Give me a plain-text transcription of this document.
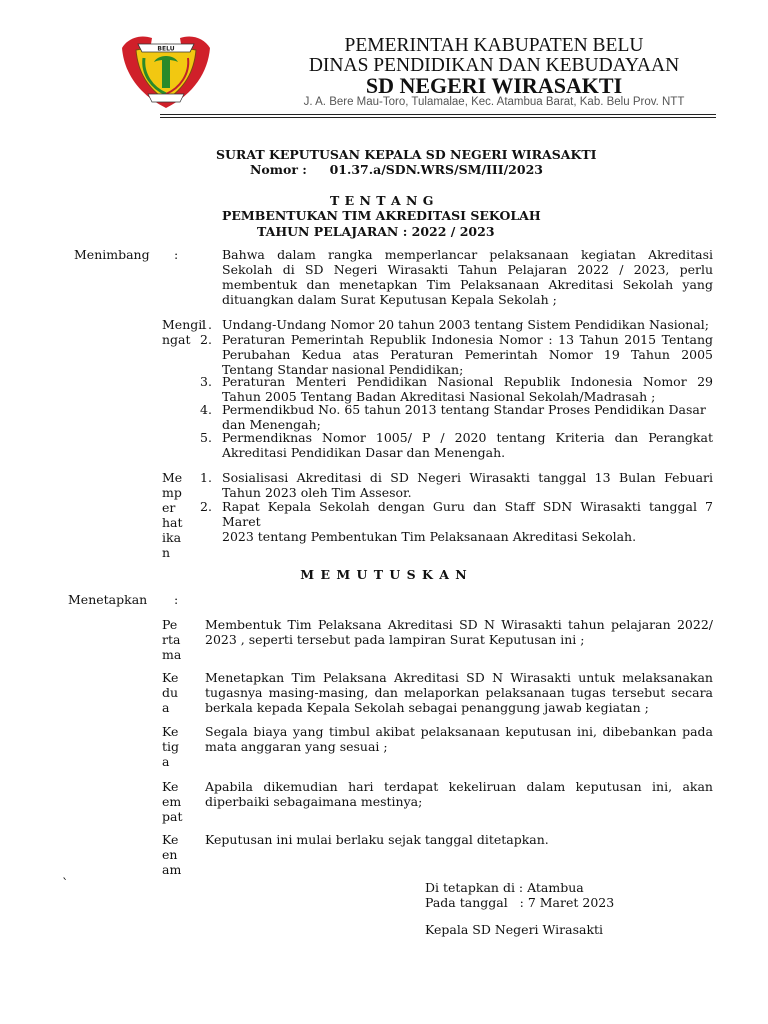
BELU	PEMERINTAH KABUPATEN BELU
DINAS PENDIDIKAN DAN KEBUDAYAAN
SD NEGERI WIRASAKTI
J. A. Bere Mau-Toro, Tulamalae, Kec. Atambua Barat, Kab. Belu Prov. NTT
SURAT KEPUTUSAN KEPALA SD NEGERI WIRASAKTI
Nomor : 01.37.a/SDN.WRS/SM/III/2023
T E N T A N G
PEMBENTUKAN TIM AKREDITASI SEKOLAH
TAHUN PELAJARAN : 2022 / 2023
Menimbang :	Bahwa dalam rangka memperlancar pelaksanaan kegiatan Akreditasi
Sekolah di SD Negeri Wirasakti Tahun Pelajaran 2022 / 2023, perlu
membentuk dan menetapkan Tim Pelaksanaan Akreditasi Sekolah yang
dituangkan dalam Surat Keputusan Kepala Sekolah ;
Mengi
ngat
1. Undang-Undang Nomor 20 tahun 2003 tentang Sistem Pendidikan Nasional;
2. Peraturan Pemerintah Republik Indonesia Nomor : 13 Tahun 2015 Tentang
Perubahan Kedua atas Peraturan Pemerintah Nomor 19 Tahun 2005
Tentang Standar nasional Pendidikan;
3. Peraturan Menteri Pendidikan Nasional Republik Indonesia Nomor 29
Tahun 2005 Tentang Badan Akreditasi Nasional Sekolah/Madrasah ;
4. Permendikbud No. 65 tahun 2013 tentang Standar Proses Pendidikan Dasar
dan Menengah;
5. Permendiknas Nomor 1005/ P / 2020 tentang Kriteria dan Perangkat
Akreditasi Pendidikan Dasar dan Menengah.
Me
mp
er
hat
ika
n
1. Sosialisasi Akreditasi di SD Negeri Wirasakti tanggal 13 Bulan Febuari
Tahun 2023 oleh Tim Assesor.
2. Rapat Kepala Sekolah dengan Guru dan Staff SDN Wirasakti tanggal 7 Maret
2023 tentang Pembentukan Tim Pelaksanaan Akreditasi Sekolah.
M E M U T U S K A N
Menetapkan :
Pe
rta
ma
Membentuk Tim Pelaksana Akreditasi SD N Wirasakti tahun pelajaran 2022/
2023 , seperti tersebut pada lampiran Surat Keputusan ini ;
Ke
du
a
Menetapkan Tim Pelaksana Akreditasi SD N Wirasakti untuk melaksanakan
tugasnya masing-masing, dan melaporkan pelaksanaan tugas tersebut secara
berkala kepada Kepala Sekolah sebagai penanggung jawab kegiatan ;
Ke
tig
a
Segala biaya yang timbul akibat pelaksanaan keputusan ini, dibebankan pada
mata anggaran yang sesuai ;
Ke
em
pat
Apabila dikemudian hari terdapat kekeliruan dalam keputusan ini, akan
diperbaiki sebagaimana mestinya;
Ke
en
am
Keputusan ini mulai berlaku sejak tanggal ditetapkan.
`	Di tetapkan di : Atambua
Pada tanggal   : 7 Maret 2023
Kepala SD Negeri Wirasakti
